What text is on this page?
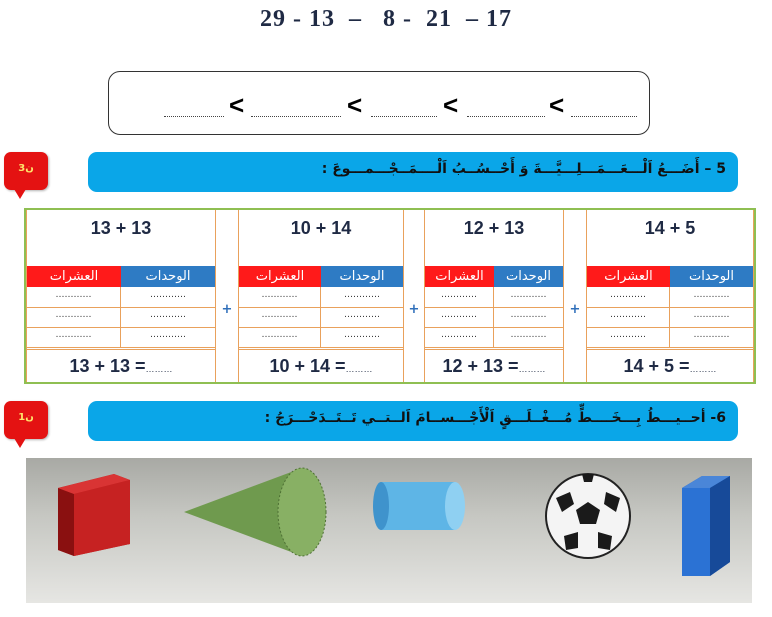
29 - 13  –   8 -  21  – 17
<	<	<	<
3ن	5 – أَضَـــعُ اَلْـــعَـــمَـــلِـــيَّـــةَ وَ أَحْــسُــبُ اَلْــــمَــجْـــمـــوعَ :
13 + 13
العشرات	الوحدات
…………	…………
…………	…………
…………	…………
13 + 13 =………
+
10 + 14
العشرات	الوحدات
…………	…………
…………	…………
…………	…………
10 + 14 =………
+
12 + 13
العشرات	الوحدات
…………	…………
…………	…………
…………	…………
12 + 13 =………
+
14 + 5
العشرات	الوحدات
…………	…………
…………	…………
…………	…………
14 + 5 =………
1ن	6- أحــيـــطُ بِـــخَــــطٍّ مُـــغْــلَـــقٍ اَلْأَجْـــســامَ اَلــتــي تَــتَــدَحْـــرَجُ :
